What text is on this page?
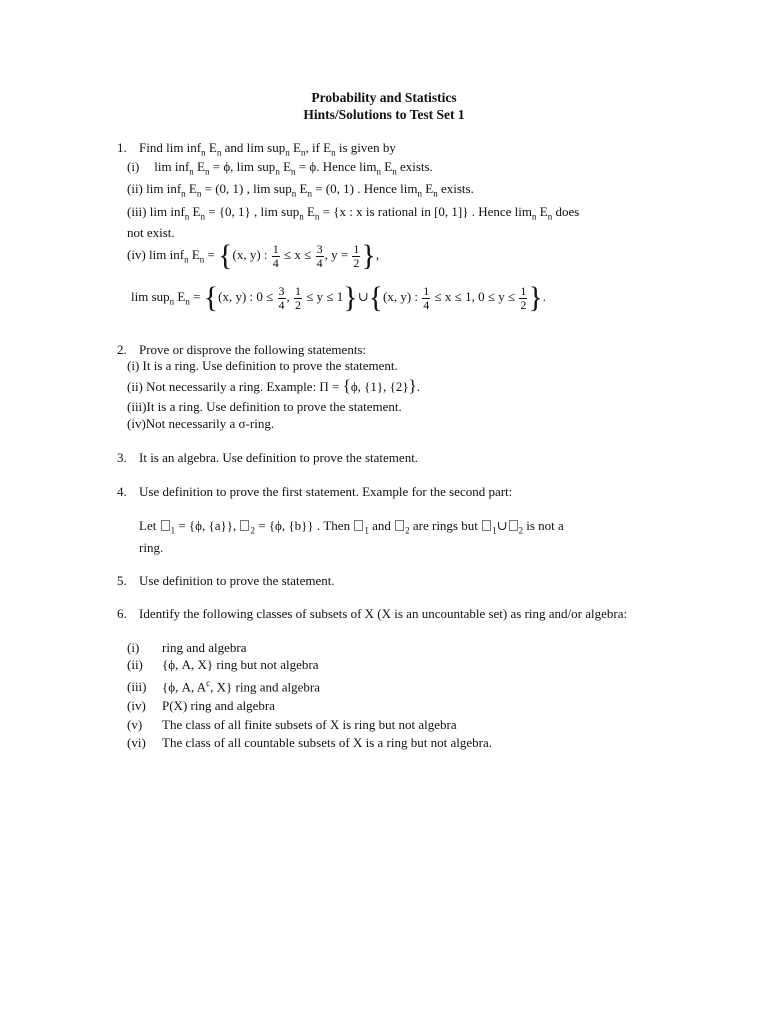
Probability and Statistics
Hints/Solutions to Test Set 1
1. Find lim inf$_n$ $E_n$ and lim sup$_n$ $E_n$, if $E_n$ is given by
(i) lim inf$_n$ $E_n = \phi$, lim sup$_n$ $E_n = \phi$. Hence $\lim_n E_n$ exists.
(ii) lim inf$_n$ $E_n = (0$, 1) , lim sup$_n$ $E_n = (0$, 1) . Hence $\lim_n E_n$ exists.
(iii) lim inf$_n$ $E_n = \{0$, 1} , lim sup$_n$ $E_n = \{x$ : x is rational in [0, 1]} . Hence $\lim_n E_n$ does
not exist.
(iv) lim inf$_n$ $E_n = \{(x$, y) : $\frac{1}{4} \le x \le \frac{3}{4}$ , $y = \frac{1}{2}$ },
lim sup$_n$ $E_n = \{(x$, y) : $0 \le \frac{3}{4}$ , $\frac{1}{2} \le y$ ≤ 1}∪{(x, y) : $\frac{1}{4} \le x \le 1$, $0 \le y \le \frac{1}{2}$ }.
2. Prove or disprove the following statements:
(i) It is a ring. Use definition to prove the statement.
(ii) Not necessarily a ring. Example: Π = {ϕ, {1}, {2}}.
(iii)It is a ring. Use definition to prove the statement.
(iv)Not necessarily a σ-ring.
3. It is an algebra. Use definition to prove the statement.
4. Use definition to prove the first statement. Example for the second part:
Let $_1$ = {ϕ, {a}}, $_2$ = {ϕ, {b}} . Then $_1$ and $_2$ are rings but $_1$∪ $_2$ is not a
ring.
5. Use definition to prove the statement.
6. Identify the following classes of subsets of X (X is an uncountable set) as ring and/or algebra:
(i) ring and algebra
(ii) {ϕ, A, X} ring but not algebra
(iii) {ϕ, A, $A^c$, X} ring and algebra
(iv) P(X) ring and algebra
(v) The class of all finite subsets of X is ring but not algebra
(vi) The class of all countable subsets of X is a ring but not algebra.
